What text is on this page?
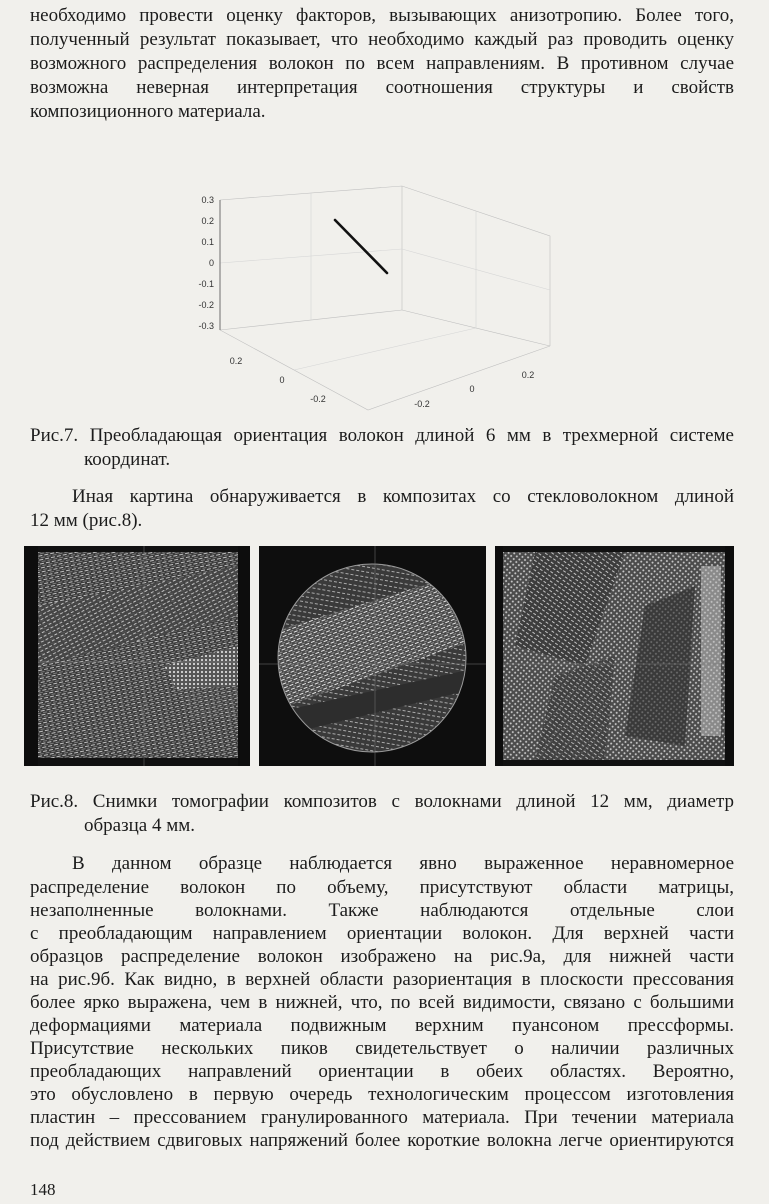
необходимо провести оценку факторов, вызывающих анизотропию. Более того,
полученный результат показывает, что необходимо каждый раз проводить оценку
возможного распределения волокон по всем направлениям. В противном случае
возможна неверная интерпретация соотношения структуры и свойств
композиционного материала.
0.3
0.2
0.1
0
-0.1
-0.2
-0.3
0.2
0
-0.2
0.2
0
-0.2
Рис.7. Преобладающая ориентация волокон длиной 6 мм в трехмерной системе
координат.
Иная картина обнаруживается в композитах со стекловолокном длиной
12 мм (рис.8).
Рис.8. Снимки томографии композитов с волокнами длиной 12 мм, диаметр
образца 4 мм.
В данном образце наблюдается явно выраженное неравномерное
распределение волокон по объему, присутствуют области матрицы,
незаполненные волокнами. Также наблюдаются отдельные слои
с преобладающим направлением ориентации волокон. Для верхней части
образцов распределение волокон изображено на рис.9а, для нижней части
на рис.9б. Как видно, в верхней области разориентация в плоскости прессования
более ярко выражена, чем в нижней, что, по всей видимости, связано с большими
деформациями материала подвижным верхним пуансоном прессформы.
Присутствие нескольких пиков свидетельствует о наличии различных
преобладающих направлений ориентации в обеих областях. Вероятно,
это обусловлено в первую очередь технологическим процессом изготовления
пластин – прессованием гранулированного материала. При течении материала
под действием сдвиговых напряжений более короткие волокна легче ориентируются
148
